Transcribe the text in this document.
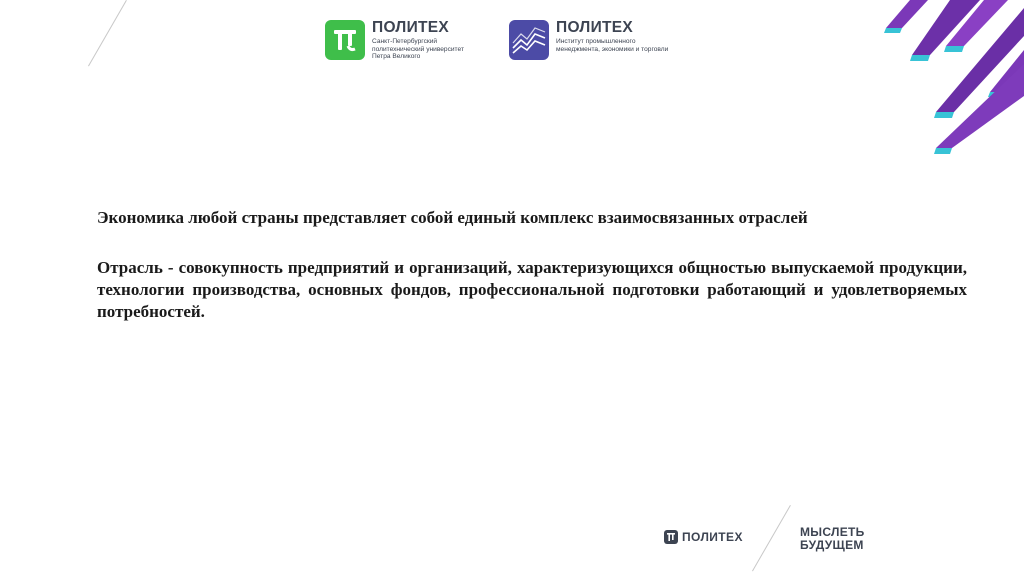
ПОЛИТЕХ
Санкт-Петербургский
политехнический университет
Петра Великого
ПОЛИТЕХ
Институт промышленного
менеджмента, экономики и торговли

Экономика любой страны представляет собой единый комплекс взаимосвязанных отраслей

Отрасль - совокупность предприятий и организаций, характеризующихся общностью выпускаемой продукции, технологии производства, основных фондов, профессиональной подготовки работающий и удовлетворяемых потребностей.

ПОЛИТЕХ	МЫСЛЕТЬ
БУДУЩЕМ
